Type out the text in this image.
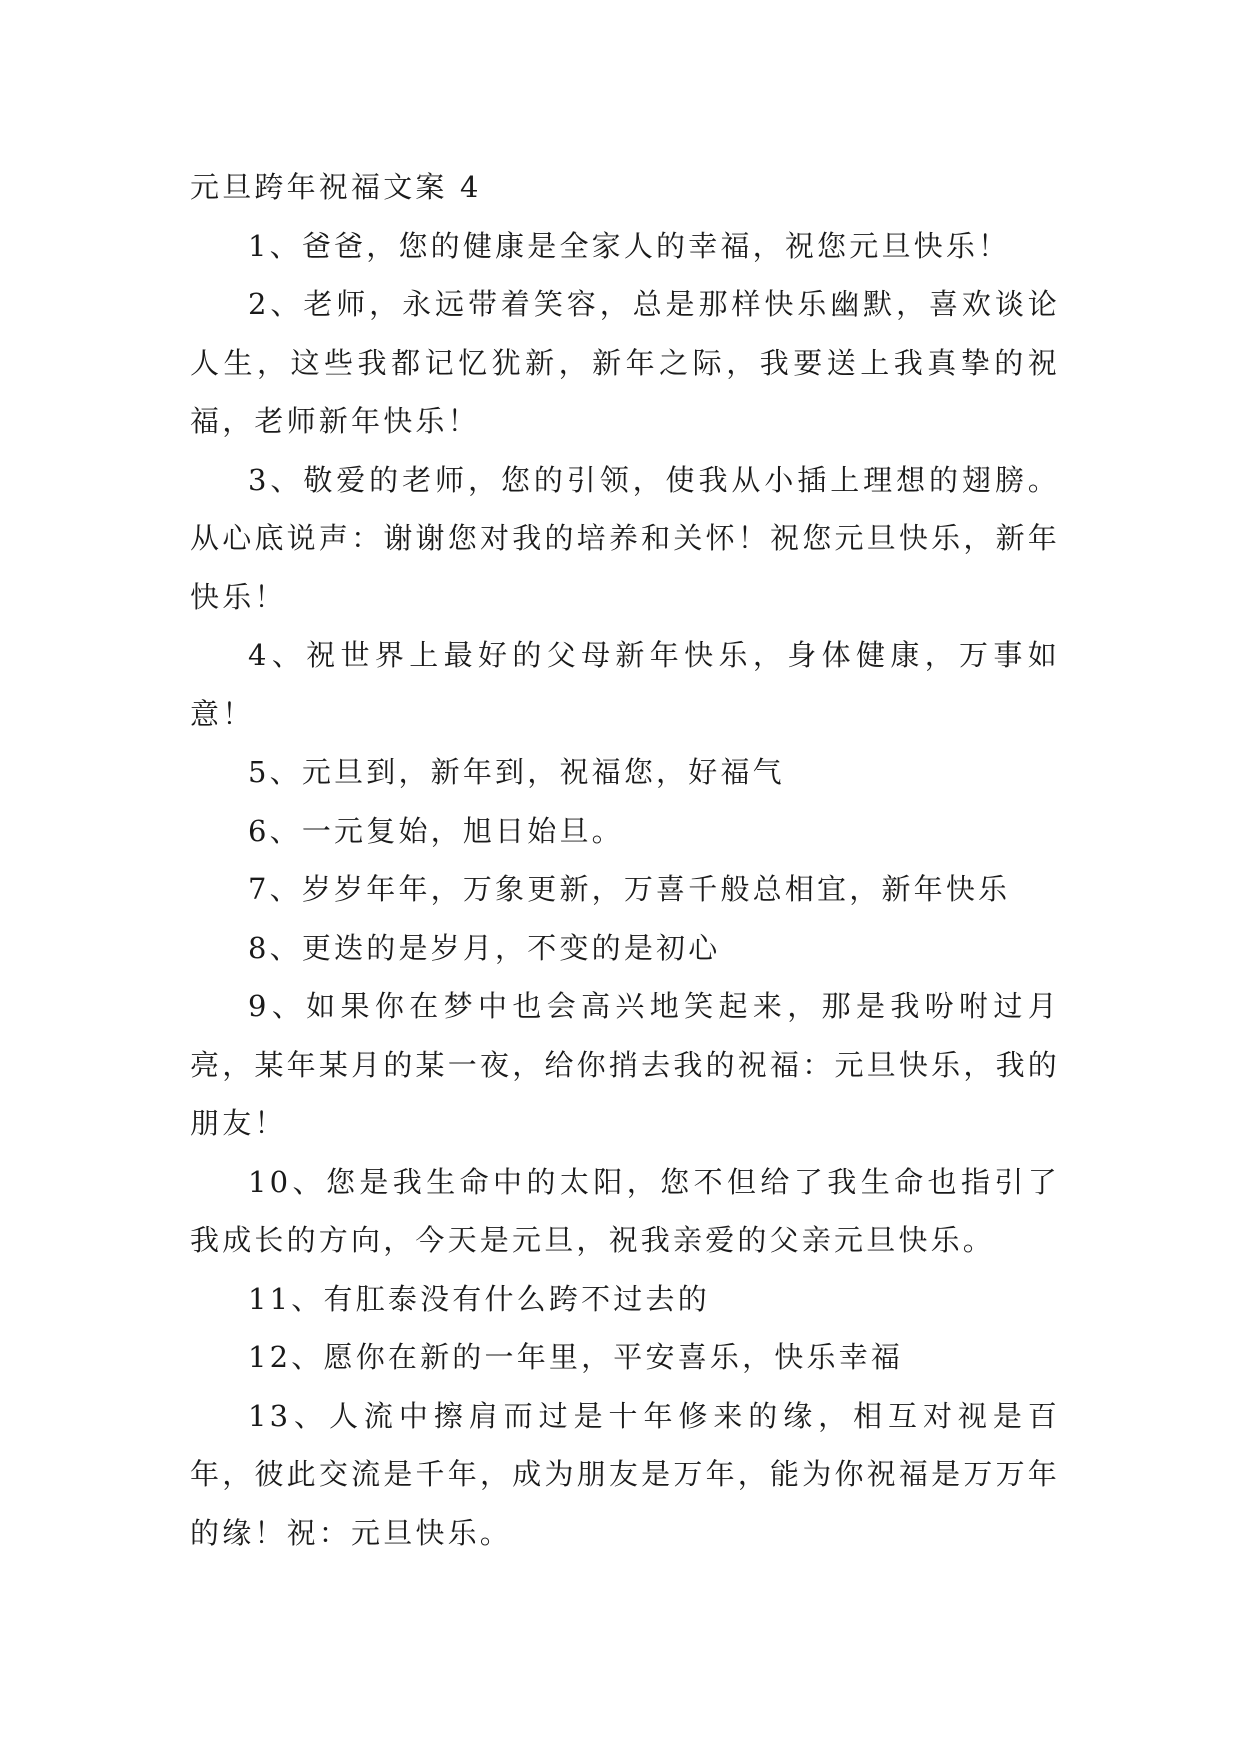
元旦跨年祝福文案 4

1、爸爸，您的健康是全家人的幸福，祝您元旦快乐！

2、老师，永远带着笑容，总是那样快乐幽默，喜欢谈论人生，这些我都记忆犹新，新年之际，我要送上我真挚的祝福，老师新年快乐！

3、敬爱的老师，您的引领，使我从小插上理想的翅膀。从心底说声：谢谢您对我的培养和关怀！祝您元旦快乐，新年快乐！

4、祝世界上最好的父母新年快乐，身体健康，万事如意！

5、元旦到，新年到，祝福您，好福气

6、一元复始，旭日始旦。

7、岁岁年年，万象更新，万喜千般总相宜，新年快乐

8、更迭的是岁月，不变的是初心

9、如果你在梦中也会高兴地笑起来，那是我吩咐过月亮，某年某月的某一夜，给你捎去我的祝福：元旦快乐，我的朋友！

10、您是我生命中的太阳，您不但给了我生命也指引了我成长的方向，今天是元旦，祝我亲爱的父亲元旦快乐。

11、有肛泰没有什么跨不过去的

12、愿你在新的一年里，平安喜乐，快乐幸福

13、人流中擦肩而过是十年修来的缘，相互对视是百年，彼此交流是千年，成为朋友是万年，能为你祝福是万万年的缘！祝：元旦快乐。
